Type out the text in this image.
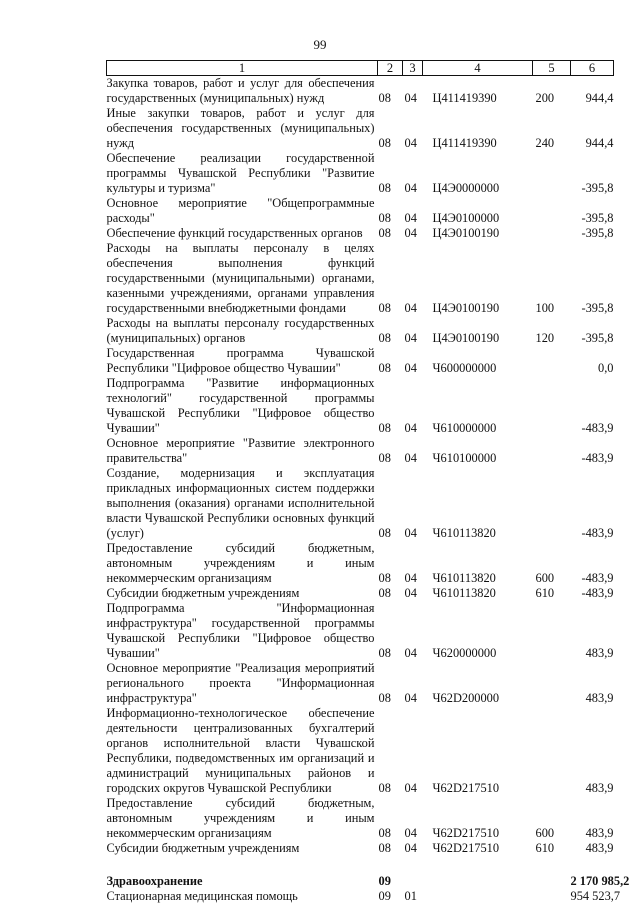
99
1	2	3	4	5	6
Закупка товаров, работ и услуг для обеспечения государственных (муниципальных) нужд	08	04	Ц411419390	200	944,4
Иные закупки товаров, работ и услуг для обеспечения государственных (муниципальных) нужд	08	04	Ц411419390	240	944,4
Обеспечение реализации государственной программы Чувашской Республики "Развитие культуры и туризма"	08	04	Ц4Э0000000		-395,8
Основное мероприятие "Общепрограммные расходы"	08	04	Ц4Э0100000		-395,8
Обеспечение функций государственных органов	08	04	Ц4Э0100190		-395,8
Расходы на выплаты персоналу в целях обеспечения выполнения функций государственными (муниципальными) органами, казенными учреждениями, органами управления государственными внебюджетными фондами	08	04	Ц4Э0100190	100	-395,8
Расходы на выплаты персоналу государственных (муниципальных) органов	08	04	Ц4Э0100190	120	-395,8
Государственная программа Чувашской Республики "Цифровое общество Чувашии"	08	04	Ч600000000		0,0
Подпрограмма "Развитие информационных технологий" государственной программы Чувашской Республики "Цифровое общество Чувашии"	08	04	Ч610000000		-483,9
Основное мероприятие "Развитие электронного правительства"	08	04	Ч610100000		-483,9
Создание, модернизация и эксплуатация прикладных информационных систем поддержки выполнения (оказания) органами исполнительной власти Чувашской Республики основных функций (услуг)	08	04	Ч610113820		-483,9
Предоставление субсидий бюджетным, автономным учреждениям и иным некоммерческим организациям	08	04	Ч610113820	600	-483,9
Субсидии бюджетным учреждениям	08	04	Ч610113820	610	-483,9
Подпрограмма "Информационная инфраструктура" государственной программы Чувашской Республики "Цифровое общество Чувашии"	08	04	Ч620000000		483,9
Основное мероприятие "Реализация мероприятий регионального проекта "Информационная инфраструктура"	08	04	Ч62D200000		483,9
Информационно-технологическое обеспечение деятельности централизованных бухгалтерий органов исполнительной власти Чувашской Республики, подведомственных им организаций и администраций муниципальных районов и городских округов Чувашской Республики	08	04	Ч62D217510		483,9
Предоставление субсидий бюджетным, автономным учреждениям и иным некоммерческим организациям	08	04	Ч62D217510	600	483,9
Субсидии бюджетным учреждениям	08	04	Ч62D217510	610	483,9

Здравоохранение	09				2 170 985,2
Стационарная медицинская помощь	09	01			954 523,7
